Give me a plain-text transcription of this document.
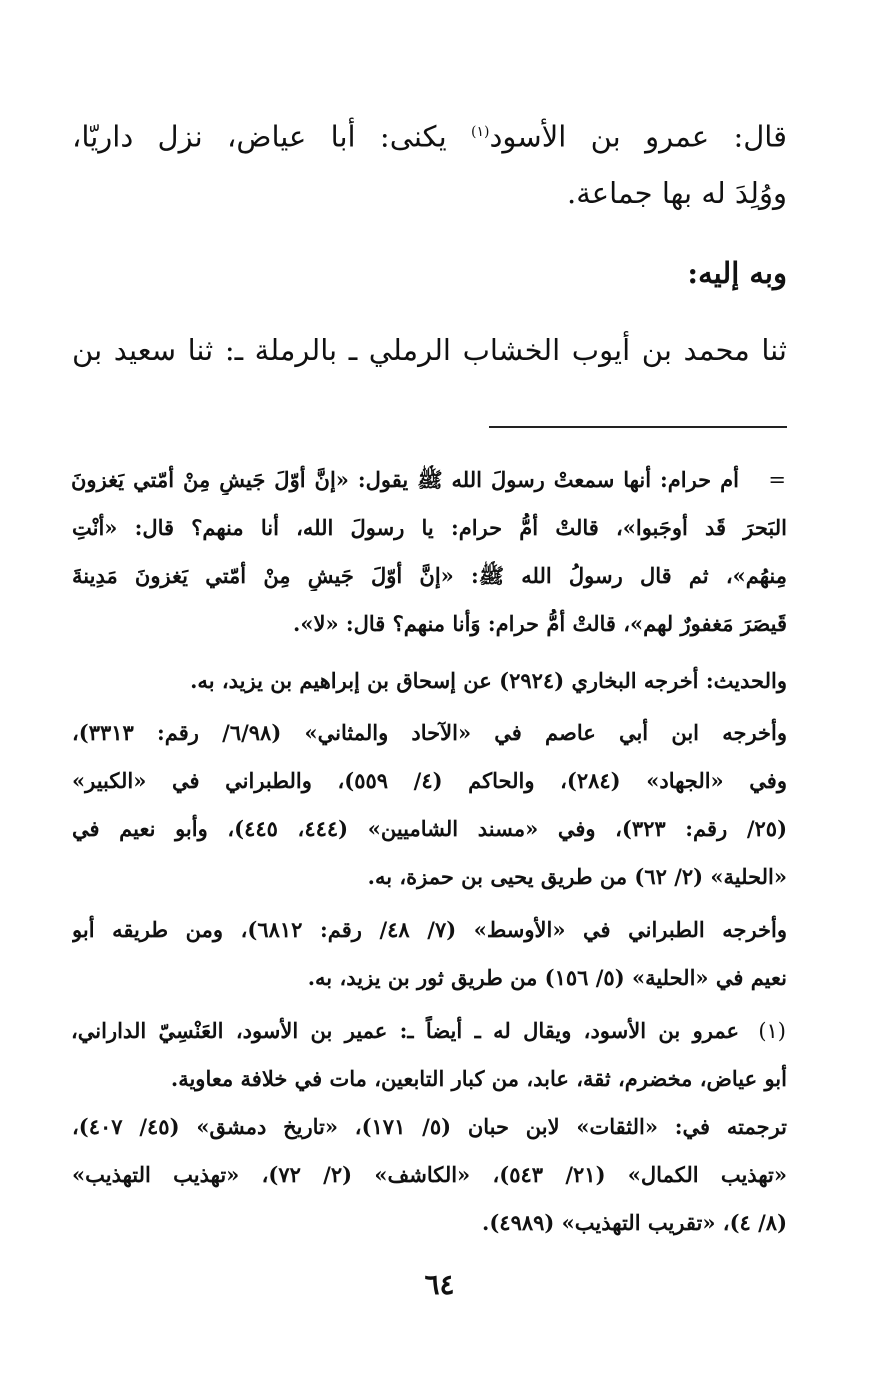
قال: عمرو بن الأسود$^{(١)}$ يكنى: أبا عياض، نزل داريّا،
ووُلِدَ له بها جماعة.
وبه إليه:
ثنا محمد بن أيوب الخشاب الرملي ـ بالرملة ـ: ثنا سعيد بن
=
أم حرام: أنها سمعتْ رسولَ الله ﷺ يقول: «إنَّ أوّلَ جَيشٍ مِنْ أمّتي يَغزونَ
البَحرَ قَد أوجَبوا»، قالتْ أمُّ حرام: يا رسولَ الله، أنا منهم؟ قال: «أنْتِ
مِنهُم»، ثم قال رسولُ الله ﷺ: «إنَّ أوّلَ جَيشٍ مِنْ أمّتي يَغزونَ مَدِينةَ
قَيصَرَ مَغفورٌ لهم»، قالتْ أمُّ حرام: وَأنا منهم؟ قال: «لا».
والحديث: أخرجه البخاري (٢٩٢٤) عن إسحاق بن إبراهيم بن يزيد، به.
وأخرجه ابن أبي عاصم في «الآحاد والمثاني» (٦/٩٨/ رقم: ٣٣١٣)،
وفي «الجهاد» (٢٨٤)، والحاكم (٤/ ٥٥٩)، والطبراني في «الكبير»
(٢٥/ رقم: ٣٢٣)، وفي «مسند الشاميين» (٤٤٤، ٤٤٥)، وأبو نعيم في
«الحلية» (٢/ ٦٢) من طريق يحيى بن حمزة، به.
وأخرجه الطبراني في «الأوسط» (٧/ ٤٨/ رقم: ٦٨١٢)، ومن طريقه أبو
نعيم في «الحلية» (٥/ ١٥٦) من طريق ثور بن يزيد، به.
(١)
عمرو بن الأسود، ويقال له ـ أيضاً ـ: عمير بن الأسود، العَنْسِيّ الداراني،
أبو عياض، مخضرم، ثقة، عابد، من كبار التابعين، مات في خلافة معاوية.
ترجمته في: «الثقات» لابن حبان (٥/ ١٧١)، «تاريخ دمشق» (٤٥/ ٤٠٧)،
«تهذيب الكمال» (٢١/ ٥٤٣)، «الكاشف» (٢/ ٧٢)، «تهذيب التهذيب»
(٨/ ٤)، «تقريب التهذيب» (٤٩٨٩).
٦٤
